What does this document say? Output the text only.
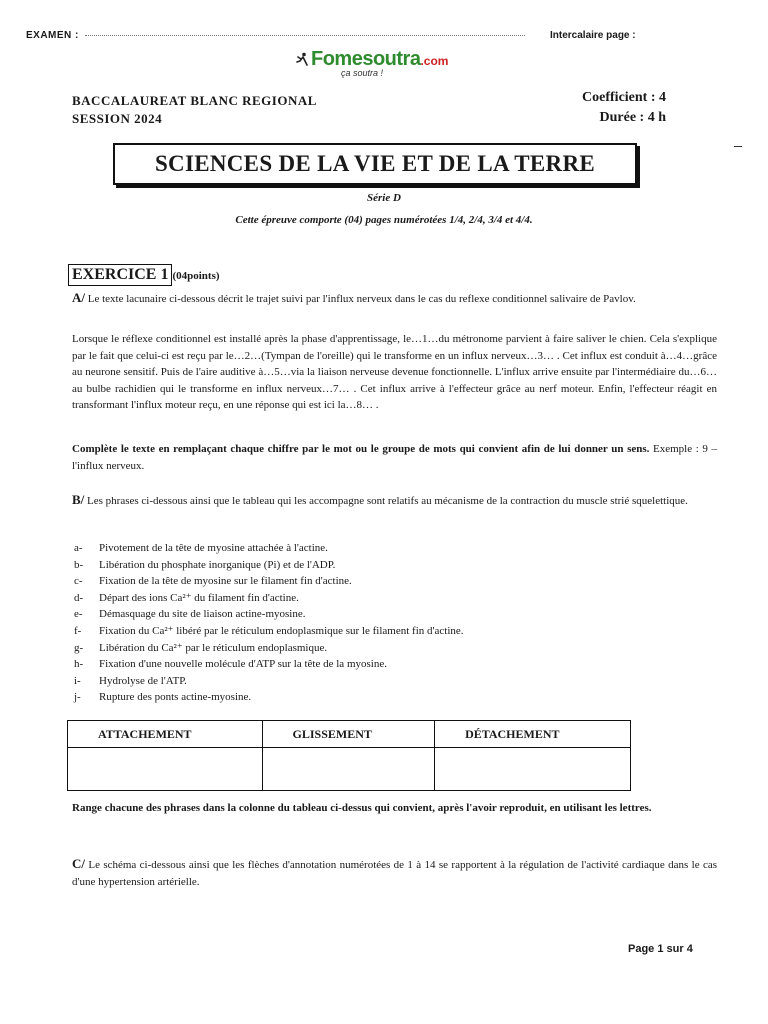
EXAMEN :	Intercalaire page :
Fomesoutra.com
ça soutra !
BACCALAUREAT BLANC REGIONAL
SESSION 2024
Coefficient : 4
Durée : 4 h
SCIENCES DE LA VIE ET DE LA TERRE
Série D
Cette épreuve comporte (04) pages numérotées 1/4, 2/4, 3/4 et 4/4.
EXERCICE 1 (04points)
A/ Le texte lacunaire ci-dessous décrit le trajet suivi par l'influx nerveux dans le cas du reflexe conditionnel salivaire de Pavlov.
Lorsque le réflexe conditionnel est installé après la phase d'apprentissage, le…1…du métronome parvient à faire saliver le chien. Cela s'explique par le fait que celui-ci est reçu par le…2…(Tympan de l'oreille) qui le transforme en un influx nerveux…3… . Cet influx est conduit à…4…grâce au neurone sensitif. Puis de l'aire auditive à…5…via la liaison nerveuse devenue fonctionnelle. L'influx arrive ensuite par l'intermédiaire du…6…au bulbe rachidien qui le transforme en influx nerveux…7… . Cet influx arrive à l'effecteur grâce au nerf moteur. Enfin, l'effecteur réagit en transformant l'influx moteur reçu, en une réponse qui est ici la…8… .
Complète le texte en remplaçant chaque chiffre par le mot ou le groupe de mots qui convient afin de lui donner un sens. Exemple : 9 – l'influx nerveux.
B/ Les phrases ci-dessous ainsi que le tableau qui les accompagne sont relatifs au mécanisme de la contraction du muscle strié squelettique.
a- Pivotement de la tête de myosine attachée à l'actine.
b- Libération du phosphate inorganique (Pi) et de l'ADP.
c- Fixation de la tête de myosine sur le filament fin d'actine.
d- Départ des ions Ca²⁺ du filament fin d'actine.
e- Démasquage du site de liaison actine-myosine.
f- Fixation du Ca²⁺ libéré par le réticulum endoplasmique sur le filament fin d'actine.
g- Libération du Ca²⁺ par le réticulum endoplasmique.
h- Fixation d'une nouvelle molécule d'ATP sur la tête de la myosine.
i- Hydrolyse de l'ATP.
j- Rupture des ponts actine-myosine.
ATTACHEMENT	GLISSEMENT	DÉTACHEMENT

Range chacune des phrases dans la colonne du tableau ci-dessus qui convient, après l'avoir reproduit, en utilisant les lettres.
C/ Le schéma ci-dessous ainsi que les flèches d'annotation numérotées de 1 à 14 se rapportent à la régulation de l'activité cardiaque dans le cas d'une hypertension artérielle.
Page 1 sur 4
